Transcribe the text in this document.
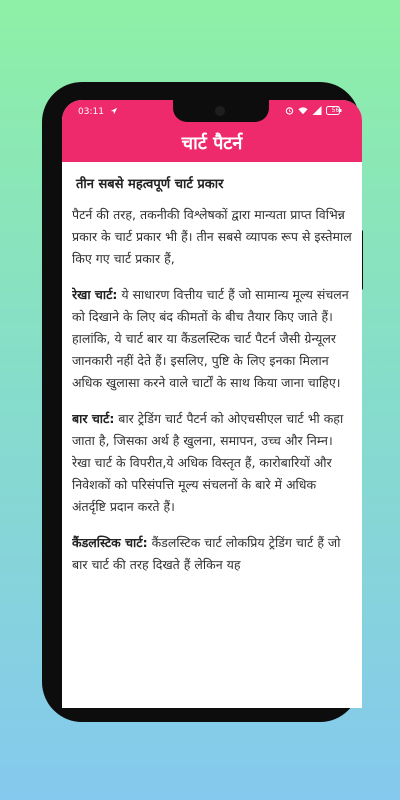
03:11	56
चार्ट पैटर्न
तीन सबसे महत्वपूर्ण चार्ट प्रकार

पैटर्न की तरह, तकनीकी विश्लेषकों द्वारा मान्यता प्राप्त विभिन्न प्रकार के चार्ट प्रकार भी हैं। तीन सबसे व्यापक रूप से इस्तेमाल किए गए चार्ट प्रकार हैं,

रेखा चार्ट: ये साधारण वित्तीय चार्ट हैं जो सामान्य मूल्य संचलन को दिखाने के लिए बंद कीमतों के बीच तैयार किए जाते हैं। हालांकि, ये चार्ट बार या कैंडलस्टिक चार्ट पैटर्न जैसी ग्रेन्यूलर जानकारी नहीं देते हैं। इसलिए, पुष्टि के लिए इनका मिलान अधिक खुलासा करने वाले चार्टों के साथ किया जाना चाहिए।

बार चार्ट: बार ट्रेडिंग चार्ट पैटर्न को ओएचसीएल चार्ट भी कहा जाता है, जिसका अर्थ है खुलना, समापन, उच्च और निम्न। रेखा चार्ट के विपरीत,ये अधिक विस्तृत हैं, कारोबारियों और निवेशकों को परिसंपत्ति मूल्य संचलनों के बारे में अधिक अंतर्दृष्टि प्रदान करते हैं।

कैंडलस्टिक चार्ट: कैंडलस्टिक चार्ट लोकप्रिय ट्रेडिंग चार्ट हैं जो बार चार्ट की तरह दिखते हैं लेकिन यह
